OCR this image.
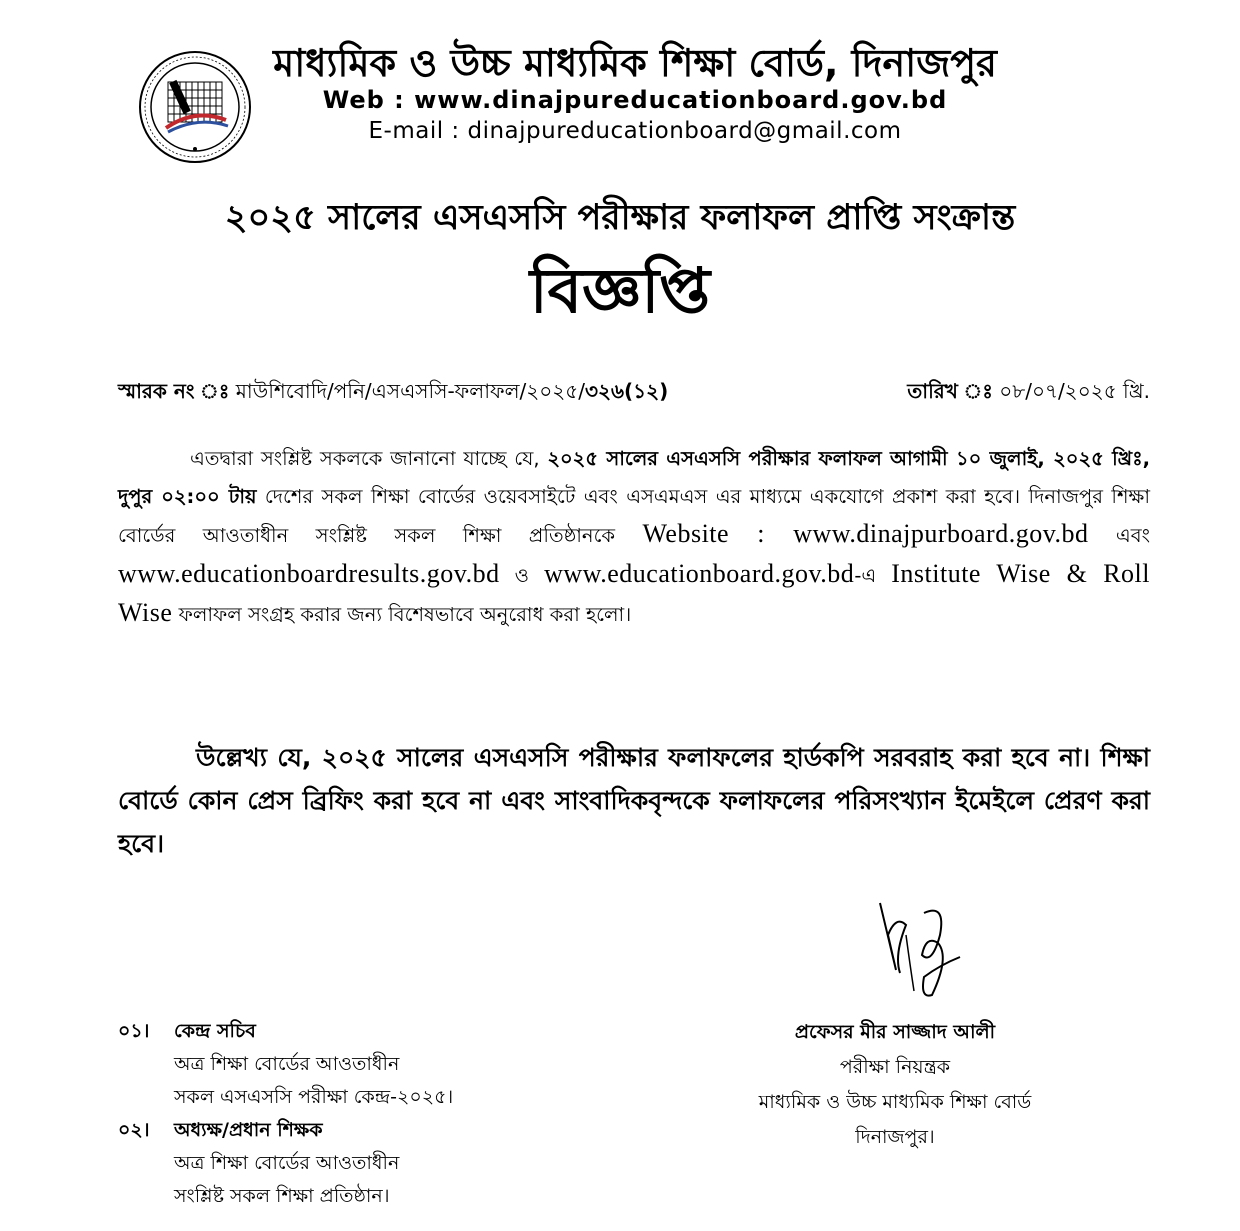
মাধ্যমিক ও উচ্চ মাধ্যমিক শিক্ষা বোর্ড, দিনাজপুর
Web : www.dinajpureducationboard.gov.bd
E-mail : dinajpureducationboard@gmail.com
২০২৫ সালের এসএসসি পরীক্ষার ফলাফল প্রাপ্তি সংক্রান্ত
বিজ্ঞপ্তি
স্মারক নং ঃ মাউশিবোদি/পনি/এসএসসি-ফলাফল/২০২৫/৩২৬(১২)	তারিখ ঃ ০৮/০৭/২০২৫ খ্রি.
এতদ্বারা সংশ্লিষ্ট সকলকে জানানো যাচ্ছে যে, ২০২৫ সালের এসএসসি পরীক্ষার ফলাফল আগামী ১০ জুলাই, ২০২৫ খ্রিঃ, দুপুর ০২:০০ টায় দেশের সকল শিক্ষা বোর্ডের ওয়েবসাইটে এবং এসএমএস এর মাধ্যমে একযোগে প্রকাশ করা হবে। দিনাজপুর শিক্ষা বোর্ডের আওতাধীন সংশ্লিষ্ট সকল শিক্ষা প্রতিষ্ঠানকে Website : www.dinajpurboard.gov.bd এবং www.educationboardresults.gov.bd ও www.educationboard.gov.bd-এ Institute Wise & Roll Wise ফলাফল সংগ্রহ করার জন্য বিশেষভাবে অনুরোধ করা হলো।
উল্লেখ্য যে, ২০২৫ সালের এসএসসি পরীক্ষার ফলাফলের হার্ডকপি সরবরাহ করা হবে না। শিক্ষা বোর্ডে কোন প্রেস ব্রিফিং করা হবে না এবং সাংবাদিকবৃন্দকে ফলাফলের পরিসংখ্যান ইমেইলে প্রেরণ করা হবে।
০১। কেন্দ্র সচিব
অত্র শিক্ষা বোর্ডের আওতাধীন
সকল এসএসসি পরীক্ষা কেন্দ্র-২০২৫।
০২। অধ্যক্ষ/প্রধান শিক্ষক
অত্র শিক্ষা বোর্ডের আওতাধীন
সংশ্লিষ্ট সকল শিক্ষা প্রতিষ্ঠান।
প্রফেসর মীর সাজ্জাদ আলী
পরীক্ষা নিয়ন্ত্রক
মাধ্যমিক ও উচ্চ মাধ্যমিক শিক্ষা বোর্ড
দিনাজপুর।
